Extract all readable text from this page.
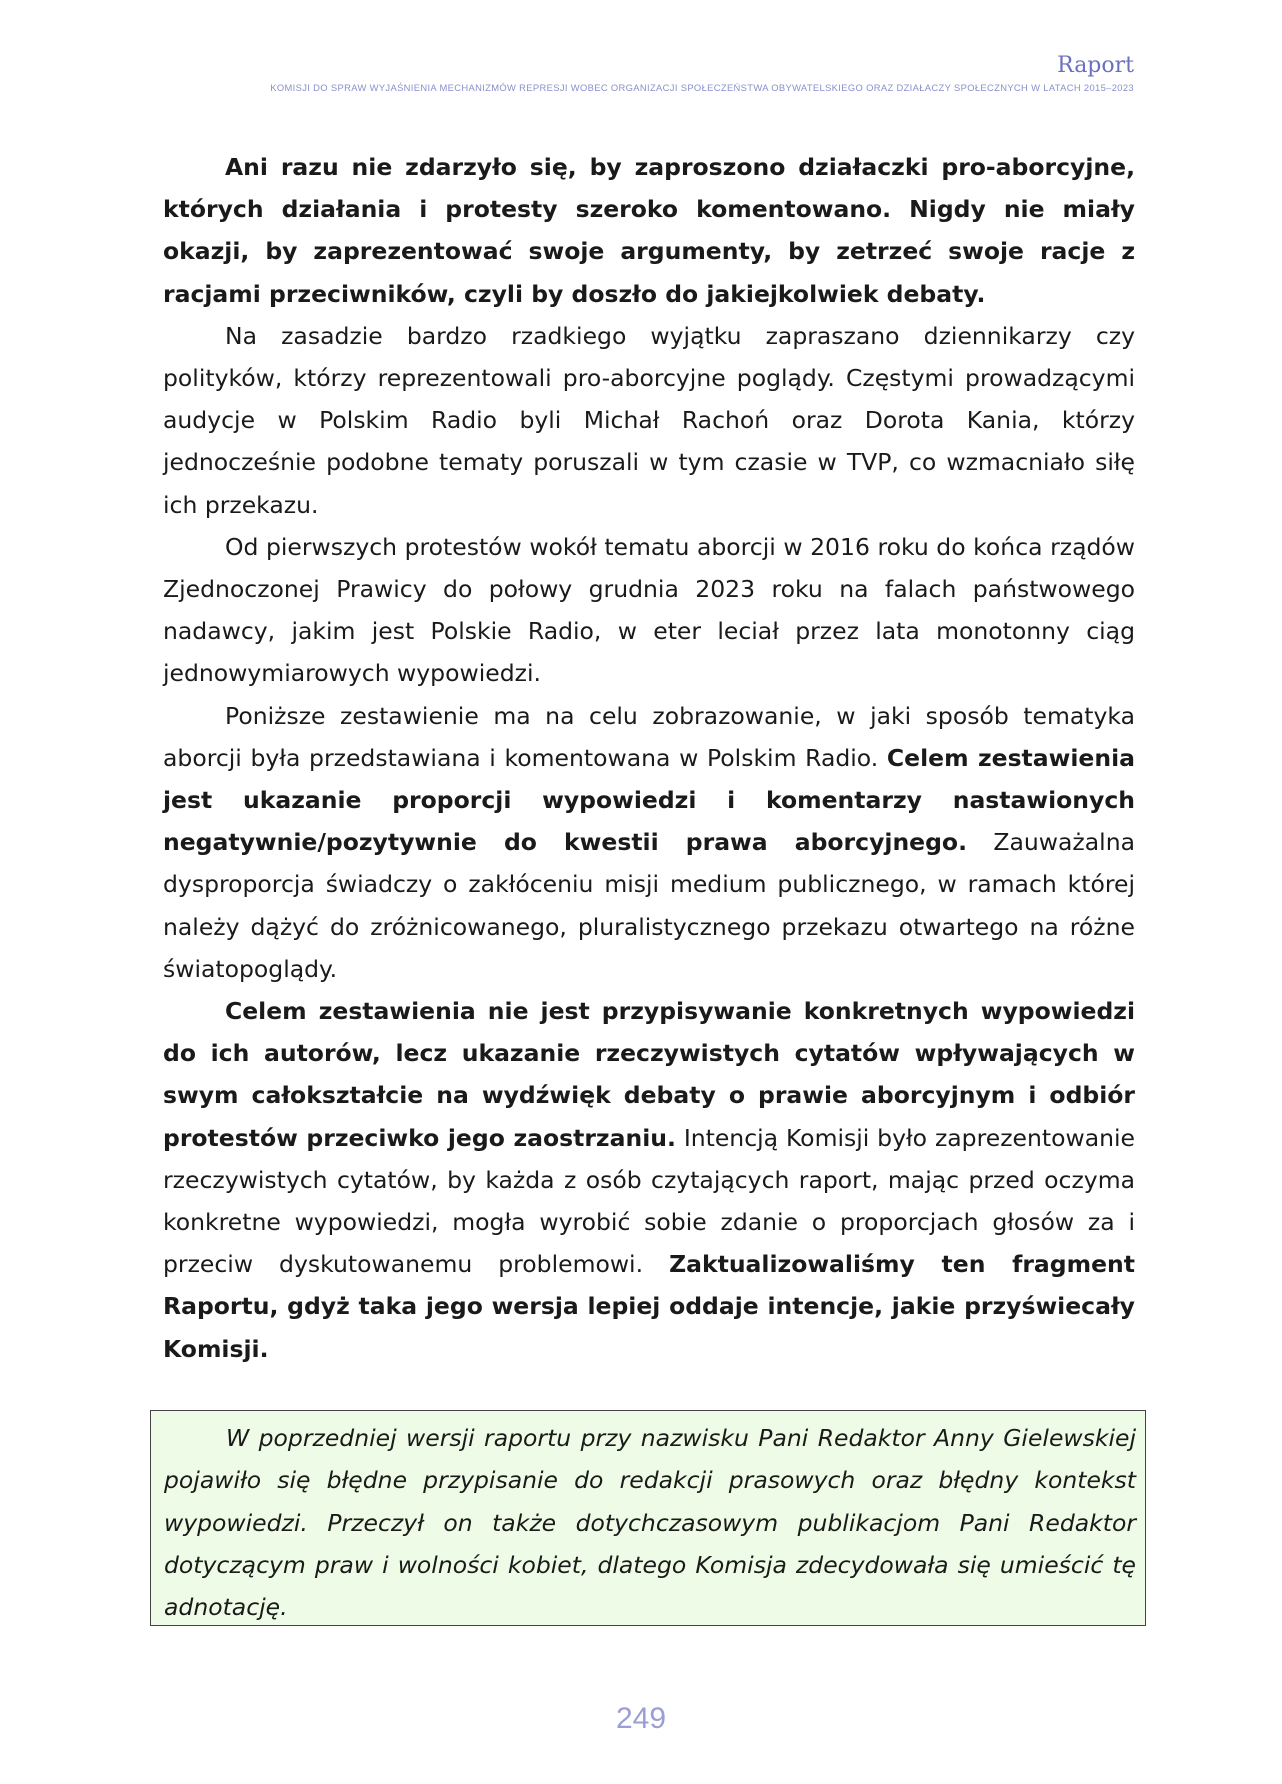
Raport
KOMISJI DO SPRAW WYJAŚNIENIA MECHANIZMÓW REPRESJI WOBEC ORGANIZACJI SPOŁECZEŃSTWA OBYWATELSKIEGO ORAZ DZIAŁACZY SPOŁECZNYCH W LATACH 2015–2023

Ani razu nie zdarzyło się, by zaproszono działaczki pro-aborcyjne, których działania i protesty szeroko komentowano. Nigdy nie miały okazji, by zaprezentować swoje argumenty, by zetrzeć swoje racje z racjami przeciwników, czyli by doszło do jakiejkolwiek debaty.

Na zasadzie bardzo rzadkiego wyjątku zapraszano dziennikarzy czy polityków, którzy reprezentowali pro-aborcyjne poglądy. Częstymi prowadzącymi audycje w Polskim Radio byli Michał Rachoń oraz Dorota Kania, którzy jednocześnie podobne tematy poruszali w tym czasie w TVP, co wzmacniało siłę ich przekazu.

Od pierwszych protestów wokół tematu aborcji w 2016 roku do końca rządów Zjednoczonej Prawicy do połowy grudnia 2023 roku na falach państwowego nadawcy, jakim jest Polskie Radio, w eter leciał przez lata monotonny ciąg jednowymiarowych wypowiedzi.

Poniższe zestawienie ma na celu zobrazowanie, w jaki sposób tematyka aborcji była przedstawiana i komentowana w Polskim Radio. Celem zestawienia jest ukazanie proporcji wypowiedzi i komentarzy nastawionych negatywnie/pozytywnie do kwestii prawa aborcyjnego. Zauważalna dysproporcja świadczy o zakłóceniu misji medium publicznego, w ramach której należy dążyć do zróżnicowanego, pluralistycznego przekazu otwartego na różne światopoglądy.

Celem zestawienia nie jest przypisywanie konkretnych wypowiedzi do ich autorów, lecz ukazanie rzeczywistych cytatów wpływających w swym całokształcie na wydźwięk debaty o prawie aborcyjnym i odbiór protestów przeciwko jego zaostrzaniu. Intencją Komisji było zaprezentowanie rzeczywistych cytatów, by każda z osób czytających raport, mając przed oczyma konkretne wypowiedzi, mogła wyrobić sobie zdanie o proporcjach głosów za i przeciw dyskutowanemu problemowi. Zaktualizowaliśmy ten fragment Raportu, gdyż taka jego wersja lepiej oddaje intencje, jakie przyświecały Komisji.

W poprzedniej wersji raportu przy nazwisku Pani Redaktor Anny Gielewskiej pojawiło się błędne przypisanie do redakcji prasowych oraz błędny kontekst wypowiedzi. Przeczył on także dotychczasowym publikacjom Pani Redaktor dotyczącym praw i wolności kobiet, dlatego Komisja zdecydowała się umieścić tę adnotację.

249
